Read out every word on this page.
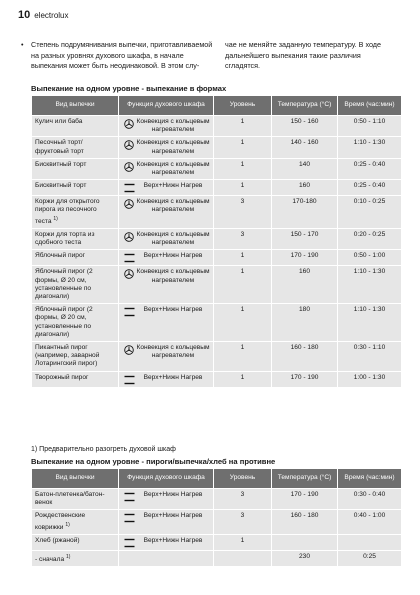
10 electrolux
• Степень подрумянивания выпечки, приготавливаемой на разных уровнях духового шкафа, в начале выпекания может быть неодинаковой. В этом слу-
чае не меняйте заданную температуру. В ходе дальнейшего выпекания такие различия сгладятся.
Выпекание на одном уровне - выпекание в формах
Вид выпечки	Функция духового шкафа	Уровень	Температура (°C)	Время (час:мин)
Кулич или баба	Конвекция с кольцевым нагревателем	1	150 - 160	0:50 - 1:10
Песочный торт/фруктовый торт	Конвекция с кольцевым нагревателем	1	140 - 160	1:10 - 1:30
Бисквитный торт	Конвекция с кольцевым нагревателем	1	140	0:25 - 0:40
Бисквитный торт	Верх+Нижн Нагрев	1	160	0:25 - 0:40
Коржи для открытого пирога из песочного теста $^{1)}$	Конвекция с кольцевым нагревателем	3	170-180	0:10 - 0:25
Коржи для торта из сдобного теста	Конвекция с кольцевым нагревателем	3	150 - 170	0:20 - 0:25
Яблочный пирог	Верх+Нижн Нагрев	1	170 - 190	0:50 - 1:00
Яблочный пирог (2 формы, Ø 20 см, установленные по диагонали)	Конвекция с кольцевым нагревателем	1	160	1:10 - 1:30
Яблочный пирог (2 формы, Ø 20 см, установленные по диагонали)	Верх+Нижн Нагрев	1	180	1:10 - 1:30
Пикантный пирог (например, заварной Лотарингский пирог)	Конвекция с кольцевым нагревателем	1	160 - 180	0:30 - 1:10
Творожный пирог	Верх+Нижн Нагрев	1	170 - 190	1:00 - 1:30
1) Предварительно разогреть духовой шкаф
Выпекание на одном уровне - пироги/выпечка/хлеб на противне
Вид выпечки	Функция духового шкафа	Уровень	Температура (°C)	Время (час:мин)
Батон-плетенка/батон-венок	Верх+Нижн Нагрев	3	170 - 190	0:30 - 0:40
Рождественские коврижки $^{1)}$	Верх+Нижн Нагрев	3	160 - 180	0:40 - 1:00
Хлеб (ржаной)	Верх+Нижн Нагрев	1		
- сначала $^{1)}$			230	0:25
